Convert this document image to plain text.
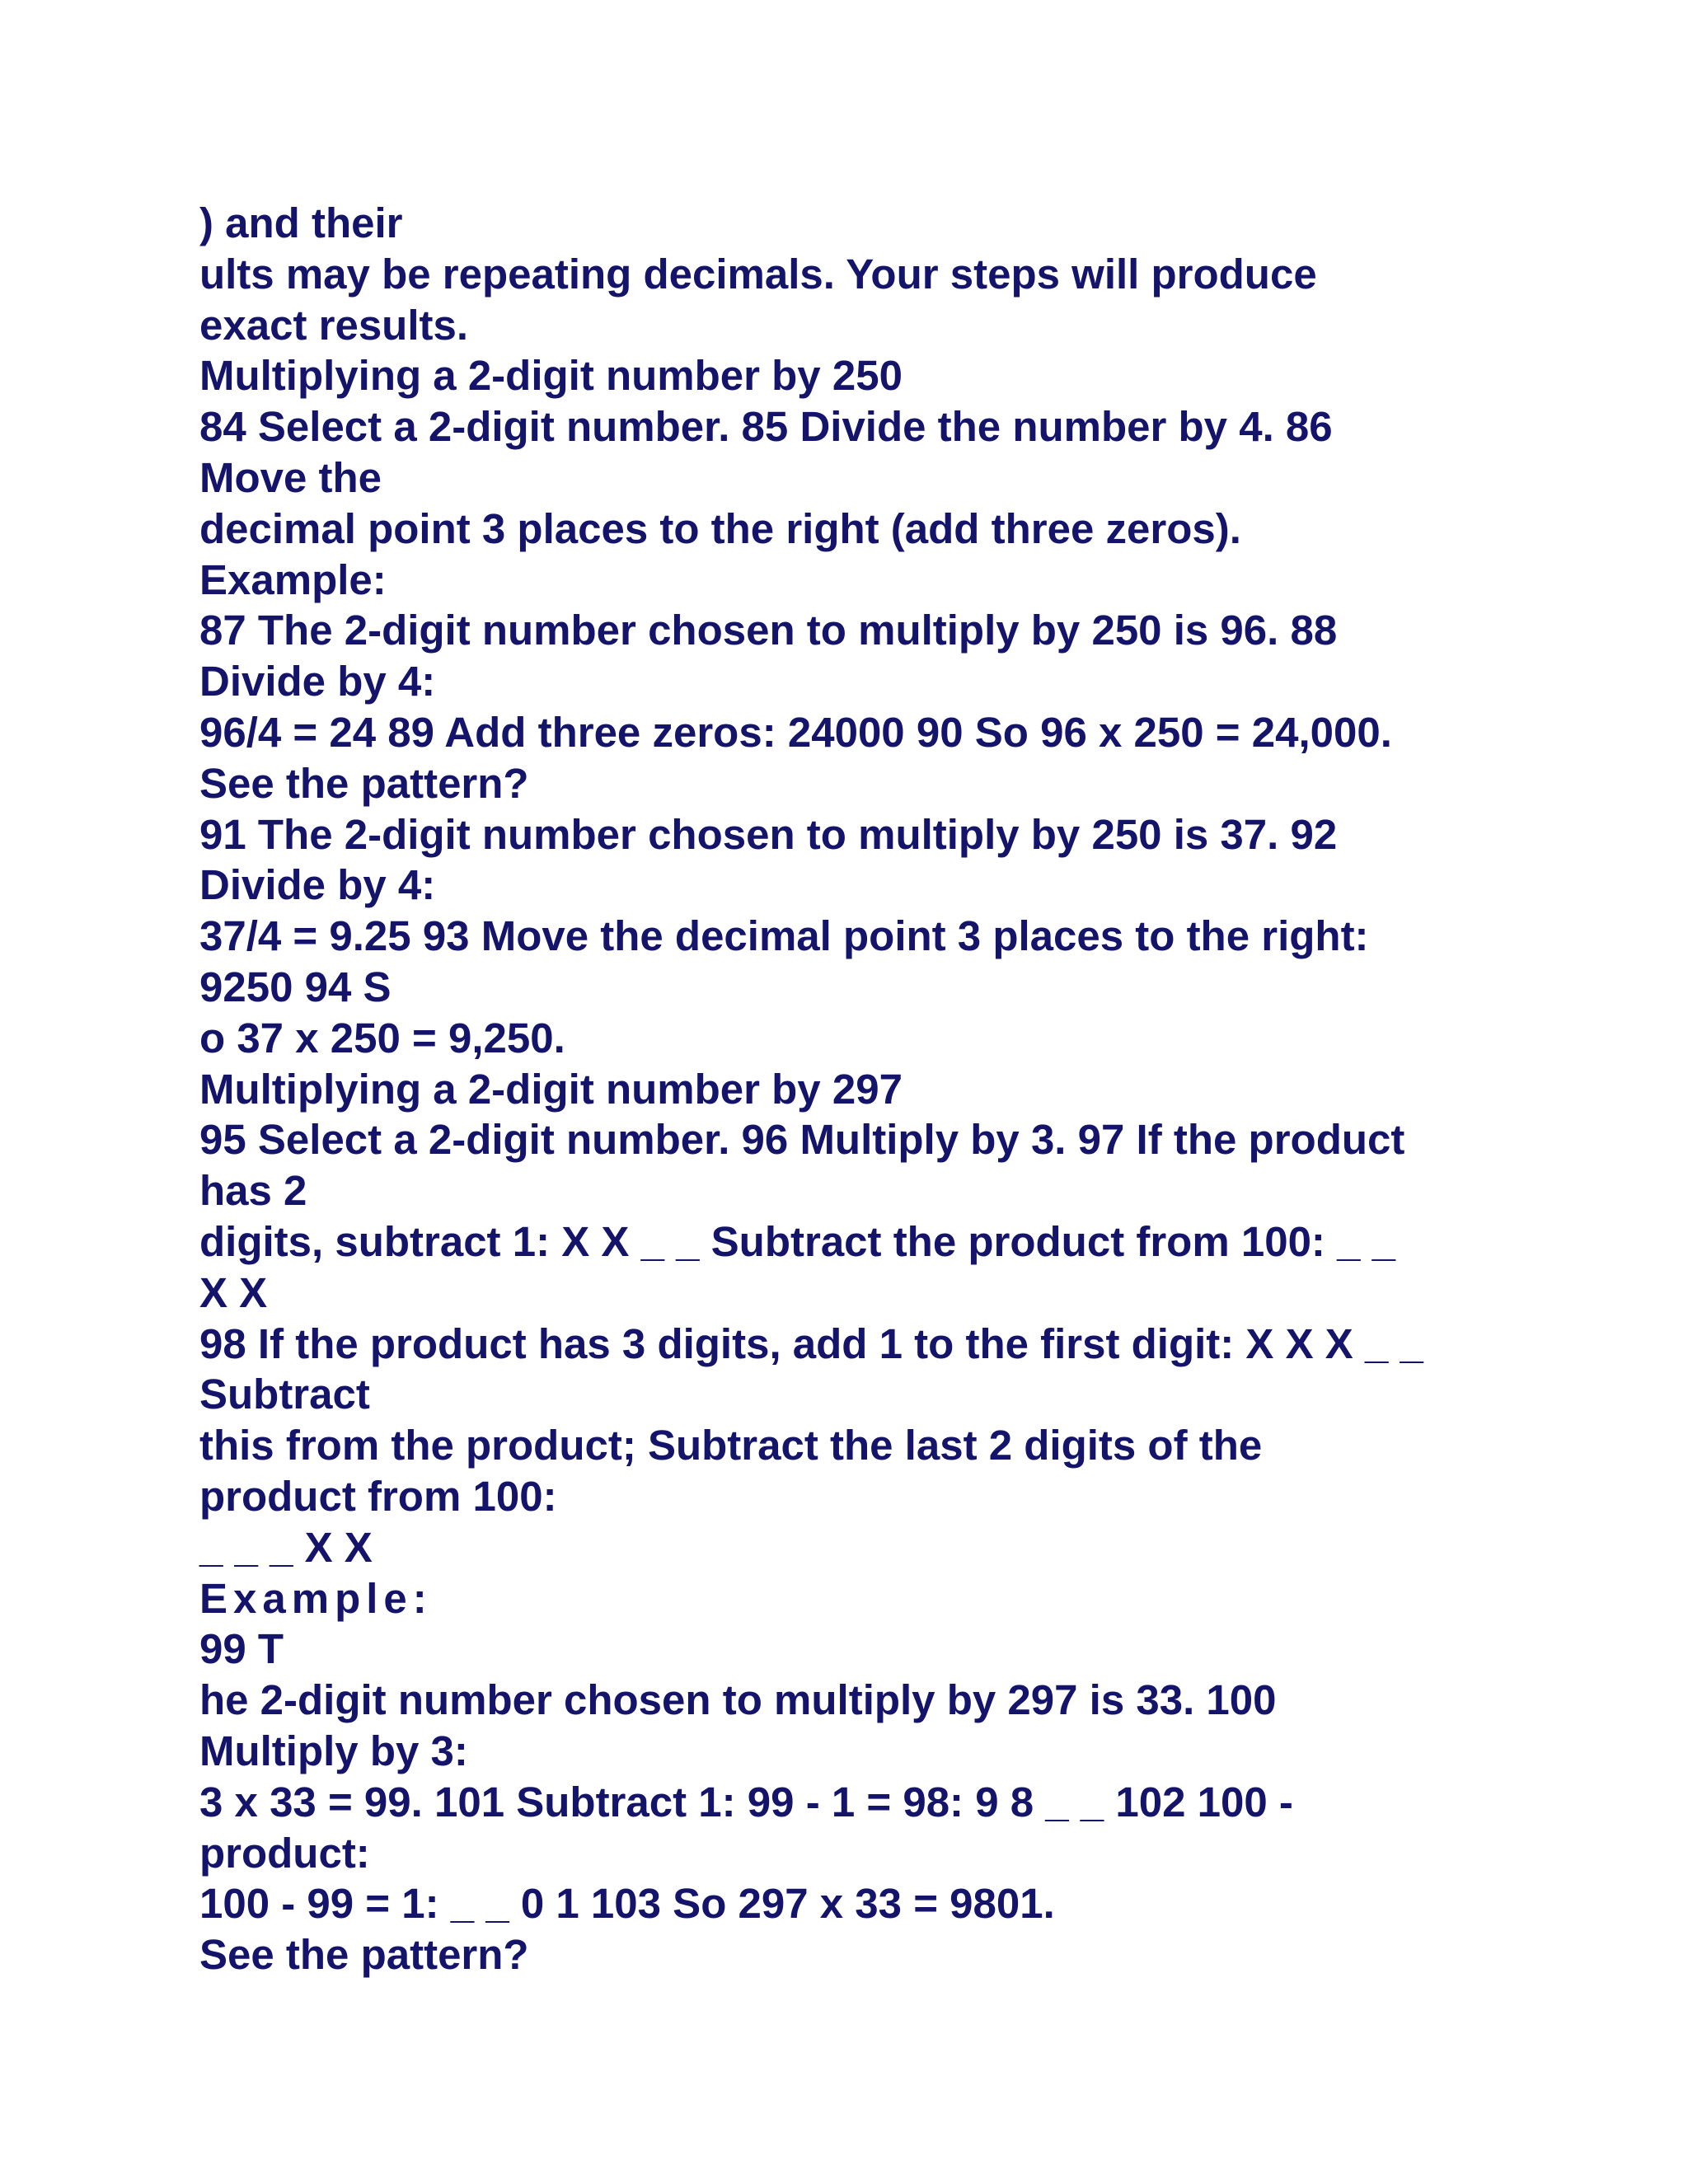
) and their
ults may be repeating decimals. Your steps will produce
exact results.
Multiplying a 2-digit number by 250
84 Select a 2-digit number. 85 Divide the number by 4. 86
Move the
decimal point 3 places to the right (add three zeros).
Example:
87 The 2-digit number chosen to multiply by 250 is 96. 88
Divide by 4:
96/4 = 24 89 Add three zeros: 24000 90 So 96 x 250 = 24,000.
See the pattern?
91 The 2-digit number chosen to multiply by 250 is 37. 92
Divide by 4:
37/4 = 9.25 93 Move the decimal point 3 places to the right:
9250 94 S
o 37 x 250 = 9,250.
Multiplying a 2-digit number by 297
95 Select a 2-digit number. 96 Multiply by 3. 97 If the product
has 2
digits, subtract 1: X X _ _ Subtract the product from 100: _ _
X X
98 If the product has 3 digits, add 1 to the first digit: X X X _ _
Subtract
this from the product; Subtract the last 2 digits of the
product from 100:
_ _ _ X X
Example:
99 T
he 2-digit number chosen to multiply by 297 is 33. 100
Multiply by 3:
3 x 33 = 99. 101 Subtract 1: 99 - 1 = 98: 9 8 _ _ 102 100 -
product:
100 - 99 = 1: _ _ 0 1 103 So 297 x 33 = 9801.
See the pattern?
